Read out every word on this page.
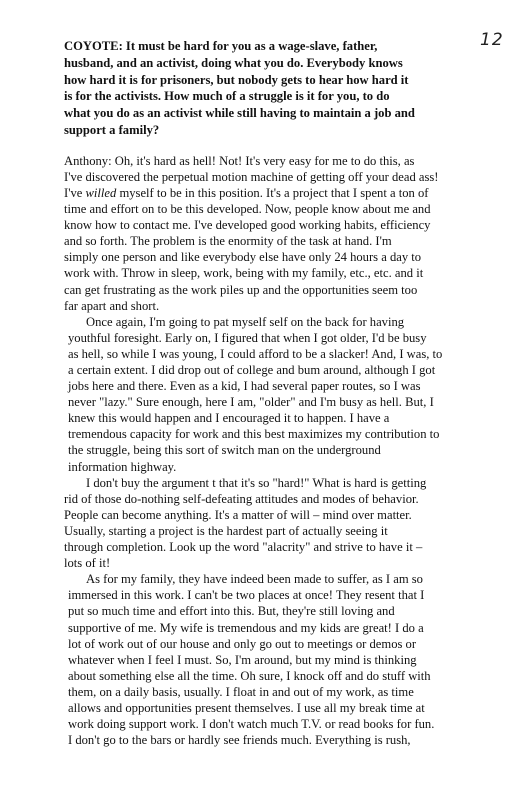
12
COYOTE: It must be hard for you as a wage-slave, father,
husband, and an activist, doing what you do. Everybody knows
how hard it is for prisoners, but nobody gets to hear how hard it
is for the activists. How much of a struggle is it for you, to do
what you do as an activist while still having to maintain a job and
support a family?
Anthony: Oh, it's hard as hell! Not! It's very easy for me to do this, as
I've discovered the perpetual motion machine of getting off your dead ass!
I've willed myself to be in this position. It's a project that I spent a ton of
time and effort on to be this developed. Now, people know about me and
know how to contact me. I've developed good working habits, efficiency
and so forth. The problem is the enormity of the task at hand. I'm
simply one person and like everybody else have only 24 hours a day to
work with. Throw in sleep, work, being with my family, etc., etc. and it
can get frustrating as the work piles up and the opportunities seem too
far apart and short.
Once again, I'm going to pat myself self on the back for having
youthful foresight. Early on, I figured that when I got older, I'd be busy
as hell, so while I was young, I could afford to be a slacker! And, I was, to
a certain extent. I did drop out of college and bum around, although I got
jobs here and there. Even as a kid, I had several paper routes, so I was
never "lazy." Sure enough, here I am, "older" and I'm busy as hell. But, I
knew this would happen and I encouraged it to happen. I have a
tremendous capacity for work and this best maximizes my contribution to
the struggle, being this sort of switch man on the underground
information highway.
I don't buy the argument t that it's so "hard!" What is hard is getting
rid of those do-nothing self-defeating attitudes and modes of behavior.
People can become anything. It's a matter of will – mind over matter.
Usually, starting a project is the hardest part of actually seeing it
through completion. Look up the word "alacrity" and strive to have it –
lots of it!
As for my family, they have indeed been made to suffer, as I am so
immersed in this work. I can't be two places at once! They resent that I
put so much time and effort into this. But, they're still loving and
supportive of me. My wife is tremendous and my kids are great! I do a
lot of work out of our house and only go out to meetings or demos or
whatever when I feel I must. So, I'm around, but my mind is thinking
about something else all the time. Oh sure, I knock off and do stuff with
them, on a daily basis, usually. I float in and out of my work, as time
allows and opportunities present themselves. I use all my break time at
work doing support work. I don't watch much T.V. or read books for fun.
I don't go to the bars or hardly see friends much. Everything is rush,
